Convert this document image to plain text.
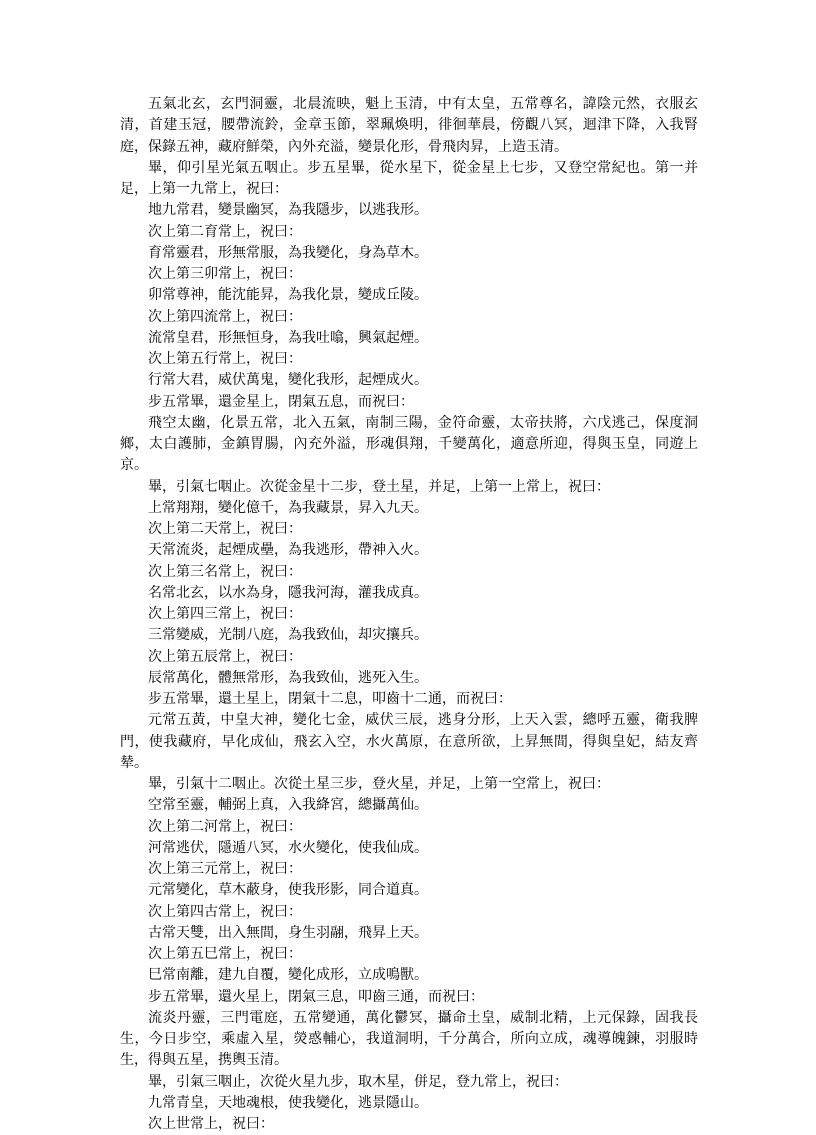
五氣北玄，玄門洞靈，北晨流映，魁上玉清，中有太皇，五常尊名，諱陰元然，衣服玄清，首建玉冠，腰帶流鈴，金章玉節，翠珮煥明，徘徊華晨，傍觀八冥，迴津下降，入我腎庭，保錄五神，藏府鮮榮，內外充溢，變景化形，骨飛肉昇，上造玉清。

畢，仰引星光氣五咽止。步五星畢，從水星下，從金星上七步，又登空常紀也。第一并足，上第一九常上，祝曰：

地九常君，變景幽冥，為我隱步，以逃我形。

次上第二育常上，祝曰：

育常靈君，形無常服，為我變化，身為草木。

次上第三卯常上，祝曰：

卯常尊神，能沈能昇，為我化景，變成丘陵。

次上第四流常上，祝曰：

流常皇君，形無恒身，為我吐噏，興氣起煙。

次上第五行常上，祝曰：

行常大君，威伏萬鬼，變化我形，起煙成火。

步五常畢，還金星上，閉氣五息，而祝曰：

飛空太幽，化景五常，北入五氣，南制三陽，金符命靈，太帝扶將，六戊逃己，保度洞鄉，太白護肺，金鎮胃腸，內充外溢，形魂俱翔，千變萬化，適意所迎，得與玉皇，同遊上京。

畢，引氣七咽止。次從金星十二步，登土星，并足，上第一上常上，祝曰：

上常翔翔，變化億千，為我藏景，昇入九天。

次上第二天常上，祝曰：

天常流炎，起煙成壘，為我逃形，帶神入火。

次上第三名常上，祝曰：

名常北玄，以水為身，隱我河海，灌我成真。

次上第四三常上，祝曰：

三常變威，光制八庭，為我致仙，却灾攘兵。

次上第五辰常上，祝曰：

辰常萬化，體無常形，為我致仙，逃死入生。

步五常畢，還土星上，閉氣十二息，叩齒十二通，而祝曰：

元常五黃，中皇大神，變化七金，威伏三辰，逃身分形，上天入雲，總呼五靈，衛我脾門，使我藏府，早化成仙，飛玄入空，水火萬原，在意所欲，上昇無間，得與皇妃，結友齊辇。

畢，引氣十二咽止。次從土星三步，登火星，并足，上第一空常上，祝曰：

空常至靈，輔弼上真，入我絳宮，總攝萬仙。

次上第二河常上，祝曰：

河常逃伏，隱遁八冥，水火變化，使我仙成。

次上第三元常上，祝曰：

元常變化，草木蔽身，使我形影，同合道真。

次上第四古常上，祝曰：

古常天雙，出入無間，身生羽翮，飛昇上天。

次上第五巳常上，祝曰：

巳常南離，建九自覆，變化成形，立成鳴獸。

步五常畢，還火星上，閉氣三息，叩齒三通，而祝曰：

流炎丹靈，三門電庭，五常變通，萬化鬱冥，攝命土皇，威制北精，上元保錄，固我長生，今日步空，乘虛入星，熒惑輔心，我道洞明，千分萬合，所向立成，魂導魄鍊，羽服時生，得與五星，携輿玉清。

畢，引氣三咽止，次從火星九步，取木星，併足，登九常上，祝曰：

九常青皇，天地魂根，使我變化，逃景隱山。

次上世常上，祝曰：
